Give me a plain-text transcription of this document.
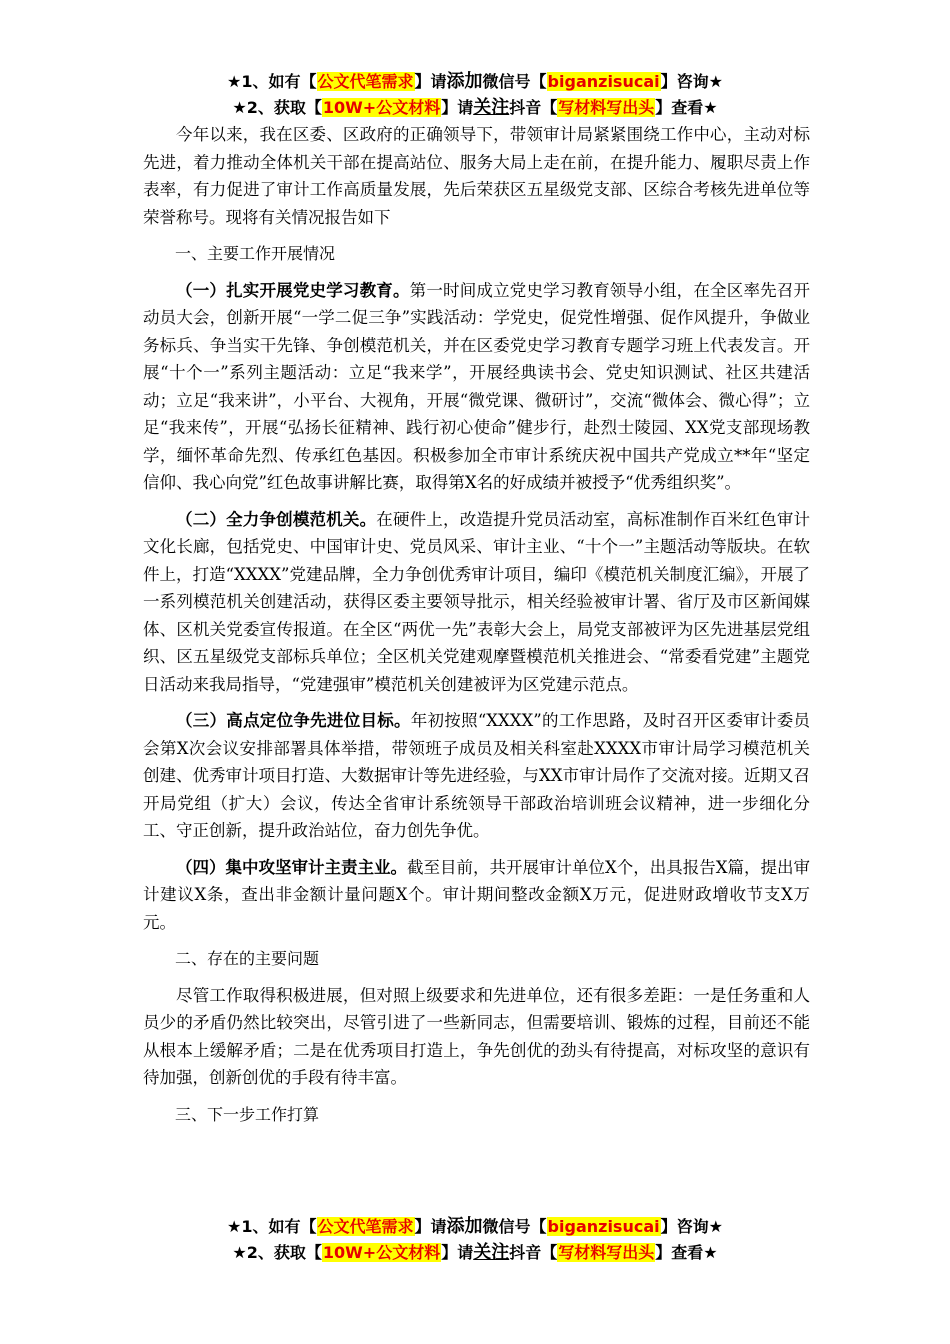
★1、如有【公文代笔需求】请添加微信号【biganzisucai】咨询★
★2、获取【10W+公文材料】请关注抖音【写材料写出头】查看★

今年以来，我在区委、区政府的正确领导下，带领审计局紧紧围绕工作中心，主动对标先进，着力推动全体机关干部在提高站位、服务大局上走在前，在提升能力、履职尽责上作表率，有力促进了审计工作高质量发展，先后荣获区五星级党支部、区综合考核先进单位等荣誉称号。现将有关情况报告如下

一、主要工作开展情况

（一）扎实开展党史学习教育。第一时间成立党史学习教育领导小组，在全区率先召开动员大会，创新开展“一学二促三争”实践活动：学党史，促党性增强、促作风提升，争做业务标兵、争当实干先锋、争创模范机关，并在区委党史学习教育专题学习班上代表发言。开展“十个一”系列主题活动：立足“我来学”，开展经典读书会、党史知识测试、社区共建活动；立足“我来讲”，小平台、大视角，开展“微党课、微研讨”，交流“微体会、微心得”；立足“我来传”，开展“弘扬长征精神、践行初心使命”健步行，赴烈士陵园、XX党支部现场教学，缅怀革命先烈、传承红色基因。积极参加全市审计系统庆祝中国共产党成立**年“坚定信仰、我心向党”红色故事讲解比赛，取得第X名的好成绩并被授予“优秀组织奖”。

（二）全力争创模范机关。在硬件上，改造提升党员活动室，高标准制作百米红色审计文化长廊，包括党史、中国审计史、党员风采、审计主业、“十个一”主题活动等版块。在软件上，打造“XXXX”党建品牌，全力争创优秀审计项目，编印《模范机关制度汇编》，开展了一系列模范机关创建活动，获得区委主要领导批示，相关经验被审计署、省厅及市区新闻媒体、区机关党委宣传报道。在全区“两优一先”表彰大会上，局党支部被评为区先进基层党组织、区五星级党支部标兵单位；全区机关党建观摩暨模范机关推进会、“常委看党建”主题党日活动来我局指导，“党建强审”模范机关创建被评为区党建示范点。

（三）高点定位争先进位目标。年初按照“XXXX”的工作思路，及时召开区委审计委员会第X次会议安排部署具体举措，带领班子成员及相关科室赴XXXX市审计局学习模范机关创建、优秀审计项目打造、大数据审计等先进经验，与XX市审计局作了交流对接。近期又召开局党组（扩大）会议，传达全省审计系统领导干部政治培训班会议精神，进一步细化分工、守正创新，提升政治站位，奋力创先争优。

（四）集中攻坚审计主责主业。截至目前，共开展审计单位X个，出具报告X篇，提出审计建议X条，查出非金额计量问题X个。审计期间整改金额X万元，促进财政增收节支X万元。

二、存在的主要问题

尽管工作取得积极进展，但对照上级要求和先进单位，还有很多差距：一是任务重和人员少的矛盾仍然比较突出，尽管引进了一些新同志，但需要培训、锻炼的过程，目前还不能从根本上缓解矛盾；二是在优秀项目打造上，争先创优的劲头有待提高，对标攻坚的意识有待加强，创新创优的手段有待丰富。

三、下一步工作打算

★1、如有【公文代笔需求】请添加微信号【biganzisucai】咨询★
★2、获取【10W+公文材料】请关注抖音【写材料写出头】查看★
